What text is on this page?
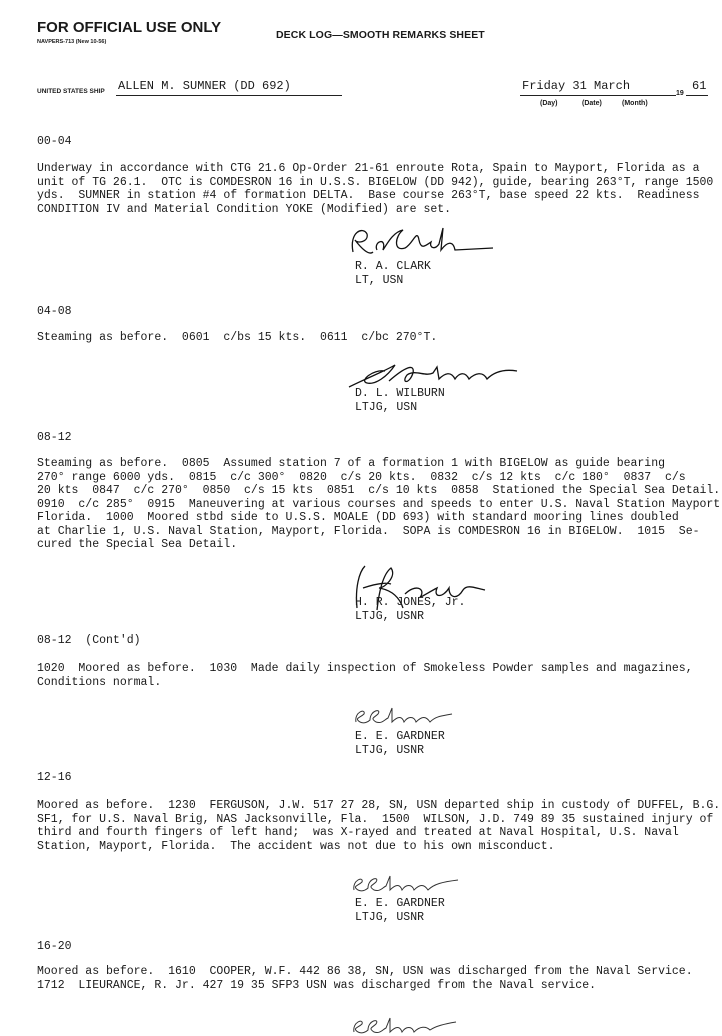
FOR OFFICIAL USE ONLY
NAVPERS-713 (New 10-56)
DECK LOG—SMOOTH REMARKS SHEET
UNITED STATES SHIP ALLEN M. SUMNER (DD 692)	Friday 31 March
19
61
(Day)	(Date)	(Month)
00-04
Underway in accordance with CTG 21.6 Op-Order 21-61 enroute Rota, Spain to Mayport, Florida as a
unit of TG 26.1.  OTC is COMDESRON 16 in U.S.S. BIGELOW (DD 942), guide, bearing 263°T, range 1500
yds.  SUMNER in station #4 of formation DELTA.  Base course 263°T, base speed 22 kts.  Readiness
CONDITION IV and Material Condition YOKE (Modified) are set.
R. A. CLARK
LT, USN
04-08
Steaming as before.  0601  c/bs 15 kts.  0611  c/bc 270°T.
D. L. WILBURN
LTJG, USN
08-12
Steaming as before.  0805  Assumed station 7 of a formation 1 with BIGELOW as guide bearing
270° range 6000 yds.  0815  c/c 300°  0820  c/s 20 kts.  0832  c/s 12 kts  c/c 180°  0837  c/s
20 kts  0847  c/c 270°  0850  c/s 15 kts  0851  c/s 10 kts  0858  Stationed the Special Sea Detail.
0910  c/c 285°  0915  Maneuvering at various courses and speeds to enter U.S. Naval Station Mayport
Florida.  1000  Moored stbd side to U.S.S. MOALE (DD 693) with standard mooring lines doubled
at Charlie 1, U.S. Naval Station, Mayport, Florida.  SOPA is COMDESRON 16 in BIGELOW.  1015  Se-
cured the Special Sea Detail.
H. R. JONES, Jr.
LTJG, USNR
08-12  (Cont'd)
1020  Moored as before.  1030  Made daily inspection of Smokeless Powder samples and magazines,
Conditions normal.
E. E. GARDNER
LTJG, USNR
12-16
Moored as before.  1230  FERGUSON, J.W. 517 27 28, SN, USN departed ship in custody of DUFFEL, B.G.
SF1, for U.S. Naval Brig, NAS Jacksonville, Fla.  1500  WILSON, J.D. 749 89 35 sustained injury of
third and fourth fingers of left hand;  was X-rayed and treated at Naval Hospital, U.S. Naval
Station, Mayport, Florida.  The accident was not due to his own misconduct.
E. E. GARDNER
LTJG, USNR
16-20
Moored as before.  1610  COOPER, W.F. 442 86 38, SN, USN was discharged from the Naval Service.
1712  LIEURANCE, R. Jr. 427 19 35 SFP3 USN was discharged from the Naval service.
